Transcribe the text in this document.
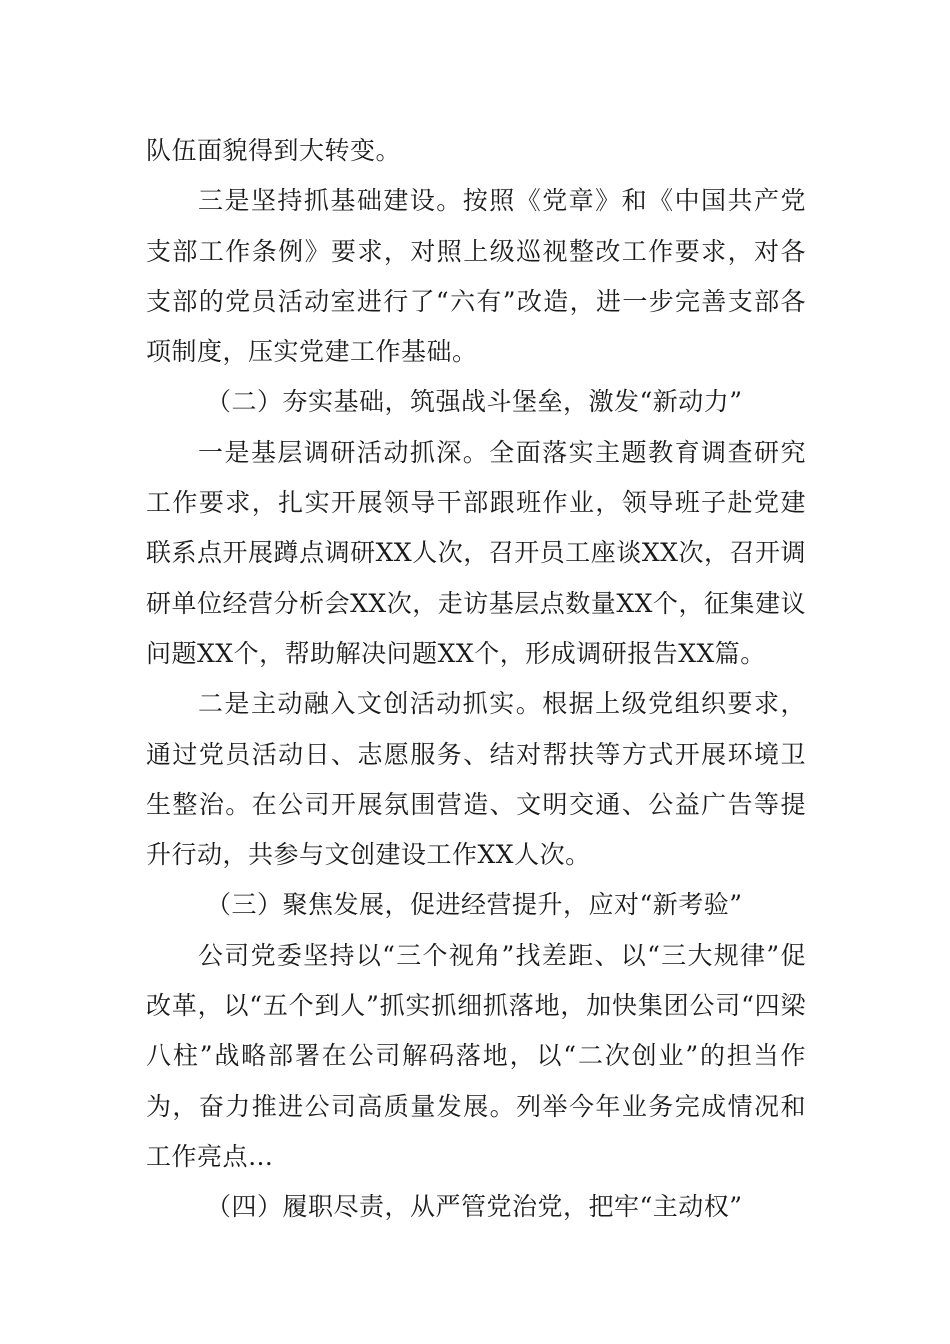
队伍面貌得到大转变。

三是坚持抓基础建设。按照《党章》和《中国共产党支部工作条例》要求，对照上级巡视整改工作要求，对各支部的党员活动室进行了“六有”改造，进一步完善支部各项制度，压实党建工作基础。

（二）夯实基础，筑强战斗堡垒，激发“新动力”

一是基层调研活动抓深。全面落实主题教育调查研究工作要求，扎实开展领导干部跟班作业，领导班子赴党建联系点开展蹲点调研XX人次，召开员工座谈XX次，召开调研单位经营分析会XX次，走访基层点数量XX个，征集建议问题XX个，帮助解决问题XX个，形成调研报告XX篇。

二是主动融入文创活动抓实。根据上级党组织要求，通过党员活动日、志愿服务、结对帮扶等方式开展环境卫生整治。在公司开展氛围营造、文明交通、公益广告等提升行动，共参与文创建设工作XX人次。

（三）聚焦发展，促进经营提升，应对“新考验”

公司党委坚持以“三个视角”找差距、以“三大规律”促改革，以“五个到人”抓实抓细抓落地，加快集团公司“四梁八柱”战略部署在公司解码落地，以“二次创业”的担当作为，奋力推进公司高质量发展。列举今年业务完成情况和工作亮点…

（四）履职尽责，从严管党治党，把牢“主动权”
